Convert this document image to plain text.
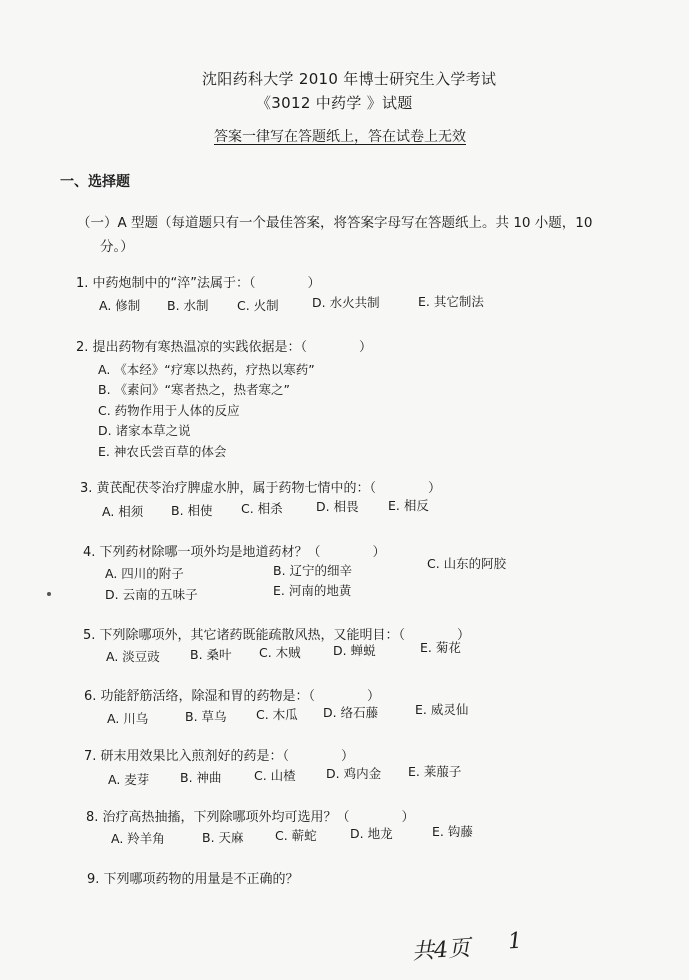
沈阳药科大学 2010 年博士研究生入学考试
《3012 中药学 》试题
答案一律写在答题纸上，答在试卷上无效
一、选择题
（一）A 型题（每道题只有一个最佳答案，将答案字母写在答题纸上。共 10 小题，10
分。）
1. 中药炮制中的“淬”法属于：（　　　　）
A. 修制 B. 水制 C. 火制	D. 水火共制	E. 其它制法
2. 提出药物有寒热温凉的实践依据是：（　　　　）
A. 《本经》“疗寒以热药，疗热以寒药”
B. 《素问》“寒者热之，热者寒之”
C. 药物作用于人体的反应
D. 诸家本草之说
E. 神农氏尝百草的体会
3. 黄芪配茯苓治疗脾虚水肿，属于药物七情中的：（　　　　）
A. 相须 B. 相使 C. 相杀	D. 相畏 E. 相反
4. 下列药材除哪一项外均是地道药材？（　　　　）
A. 四川的附子	B. 辽宁的细辛	C. 山东的阿胶
D. 云南的五味子	E. 河南的地黄
5. 下列除哪项外，其它诸药既能疏散风热，又能明目：（　　　　）
A. 淡豆豉 B. 桑叶 C. 木贼	D. 蝉蜕	E. 菊花
6. 功能舒筋活络，除湿和胃的药物是：（　　　　）
A. 川乌	B. 草乌 C. 木瓜 D. 络石藤	E. 威灵仙
7. 研末用效果比入煎剂好的药是：（　　　　）
A. 麦芽 B. 神曲	C. 山楂 D. 鸡内金 E. 莱菔子
8. 治疗高热抽搐，下列除哪项外均可选用？（　　　　）
A. 羚羊角	B. 天麻	C. 蕲蛇	D. 地龙	E. 钩藤
9. 下列哪项药物的用量是不正确的？
共4页 1
